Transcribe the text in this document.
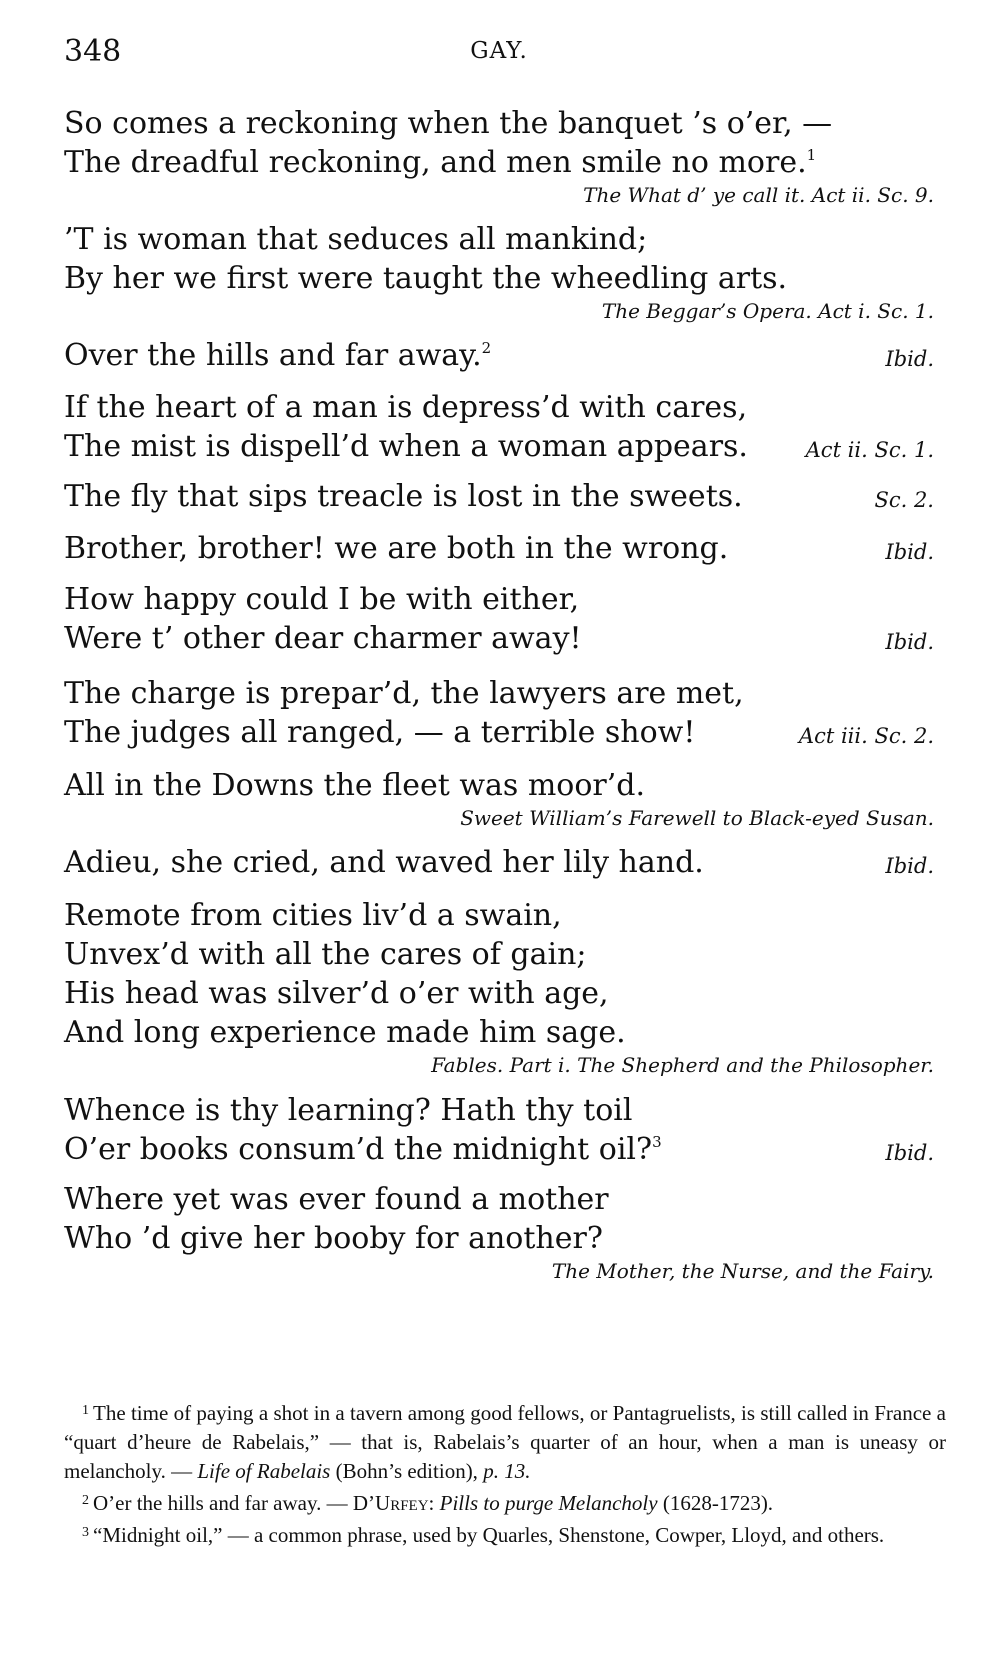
348	GAY.
So comes a reckoning when the banquet ’s o’er, —
The dreadful reckoning, and men smile no more.$^1$
The What d’ ye call it. Act ii. Sc. 9.
’T is woman that seduces all mankind;
By her we first were taught the wheedling arts.
The Beggar’s Opera. Act i. Sc. 1.
Over the hills and far away.$^2$	Ibid.
If the heart of a man is depress’d with cares,
The mist is dispell’d when a woman appears.	Act ii. Sc. 1.
The fly that sips treacle is lost in the sweets.	Sc. 2.
Brother, brother! we are both in the wrong.	Ibid.
How happy could I be with either,
Were t’ other dear charmer away!	Ibid.
The charge is prepar’d, the lawyers are met,
The judges all ranged, — a terrible show!	Act iii. Sc. 2.
All in the Downs the fleet was moor’d.
Sweet William’s Farewell to Black-eyed Susan.
Adieu, she cried, and waved her lily hand.	Ibid.
Remote from cities liv’d a swain,
Unvex’d with all the cares of gain;
His head was silver’d o’er with age,
And long experience made him sage.
Fables. Part i. The Shepherd and the Philosopher.
Whence is thy learning? Hath thy toil
O’er books consum’d the midnight oil?$^3$	Ibid.
Where yet was ever found a mother
Who ’d give her booby for another?
The Mother, the Nurse, and the Fairy.
$^1$ The time of paying a shot in a tavern among good fellows, or Pantagruelists, is still called in France a “quart d’heure de Rabelais,” — that is, Rabelais’s quarter of an hour, when a man is uneasy or melancholy. — Life of Rabelais (Bohn’s edition), p. 13.
$^2$ O’er the hills and far away. — D’Urfey: Pills to purge Melancholy (1628-1723).
$^3$ “Midnight oil,” — a common phrase, used by Quarles, Shenstone, Cowper, Lloyd, and others.
